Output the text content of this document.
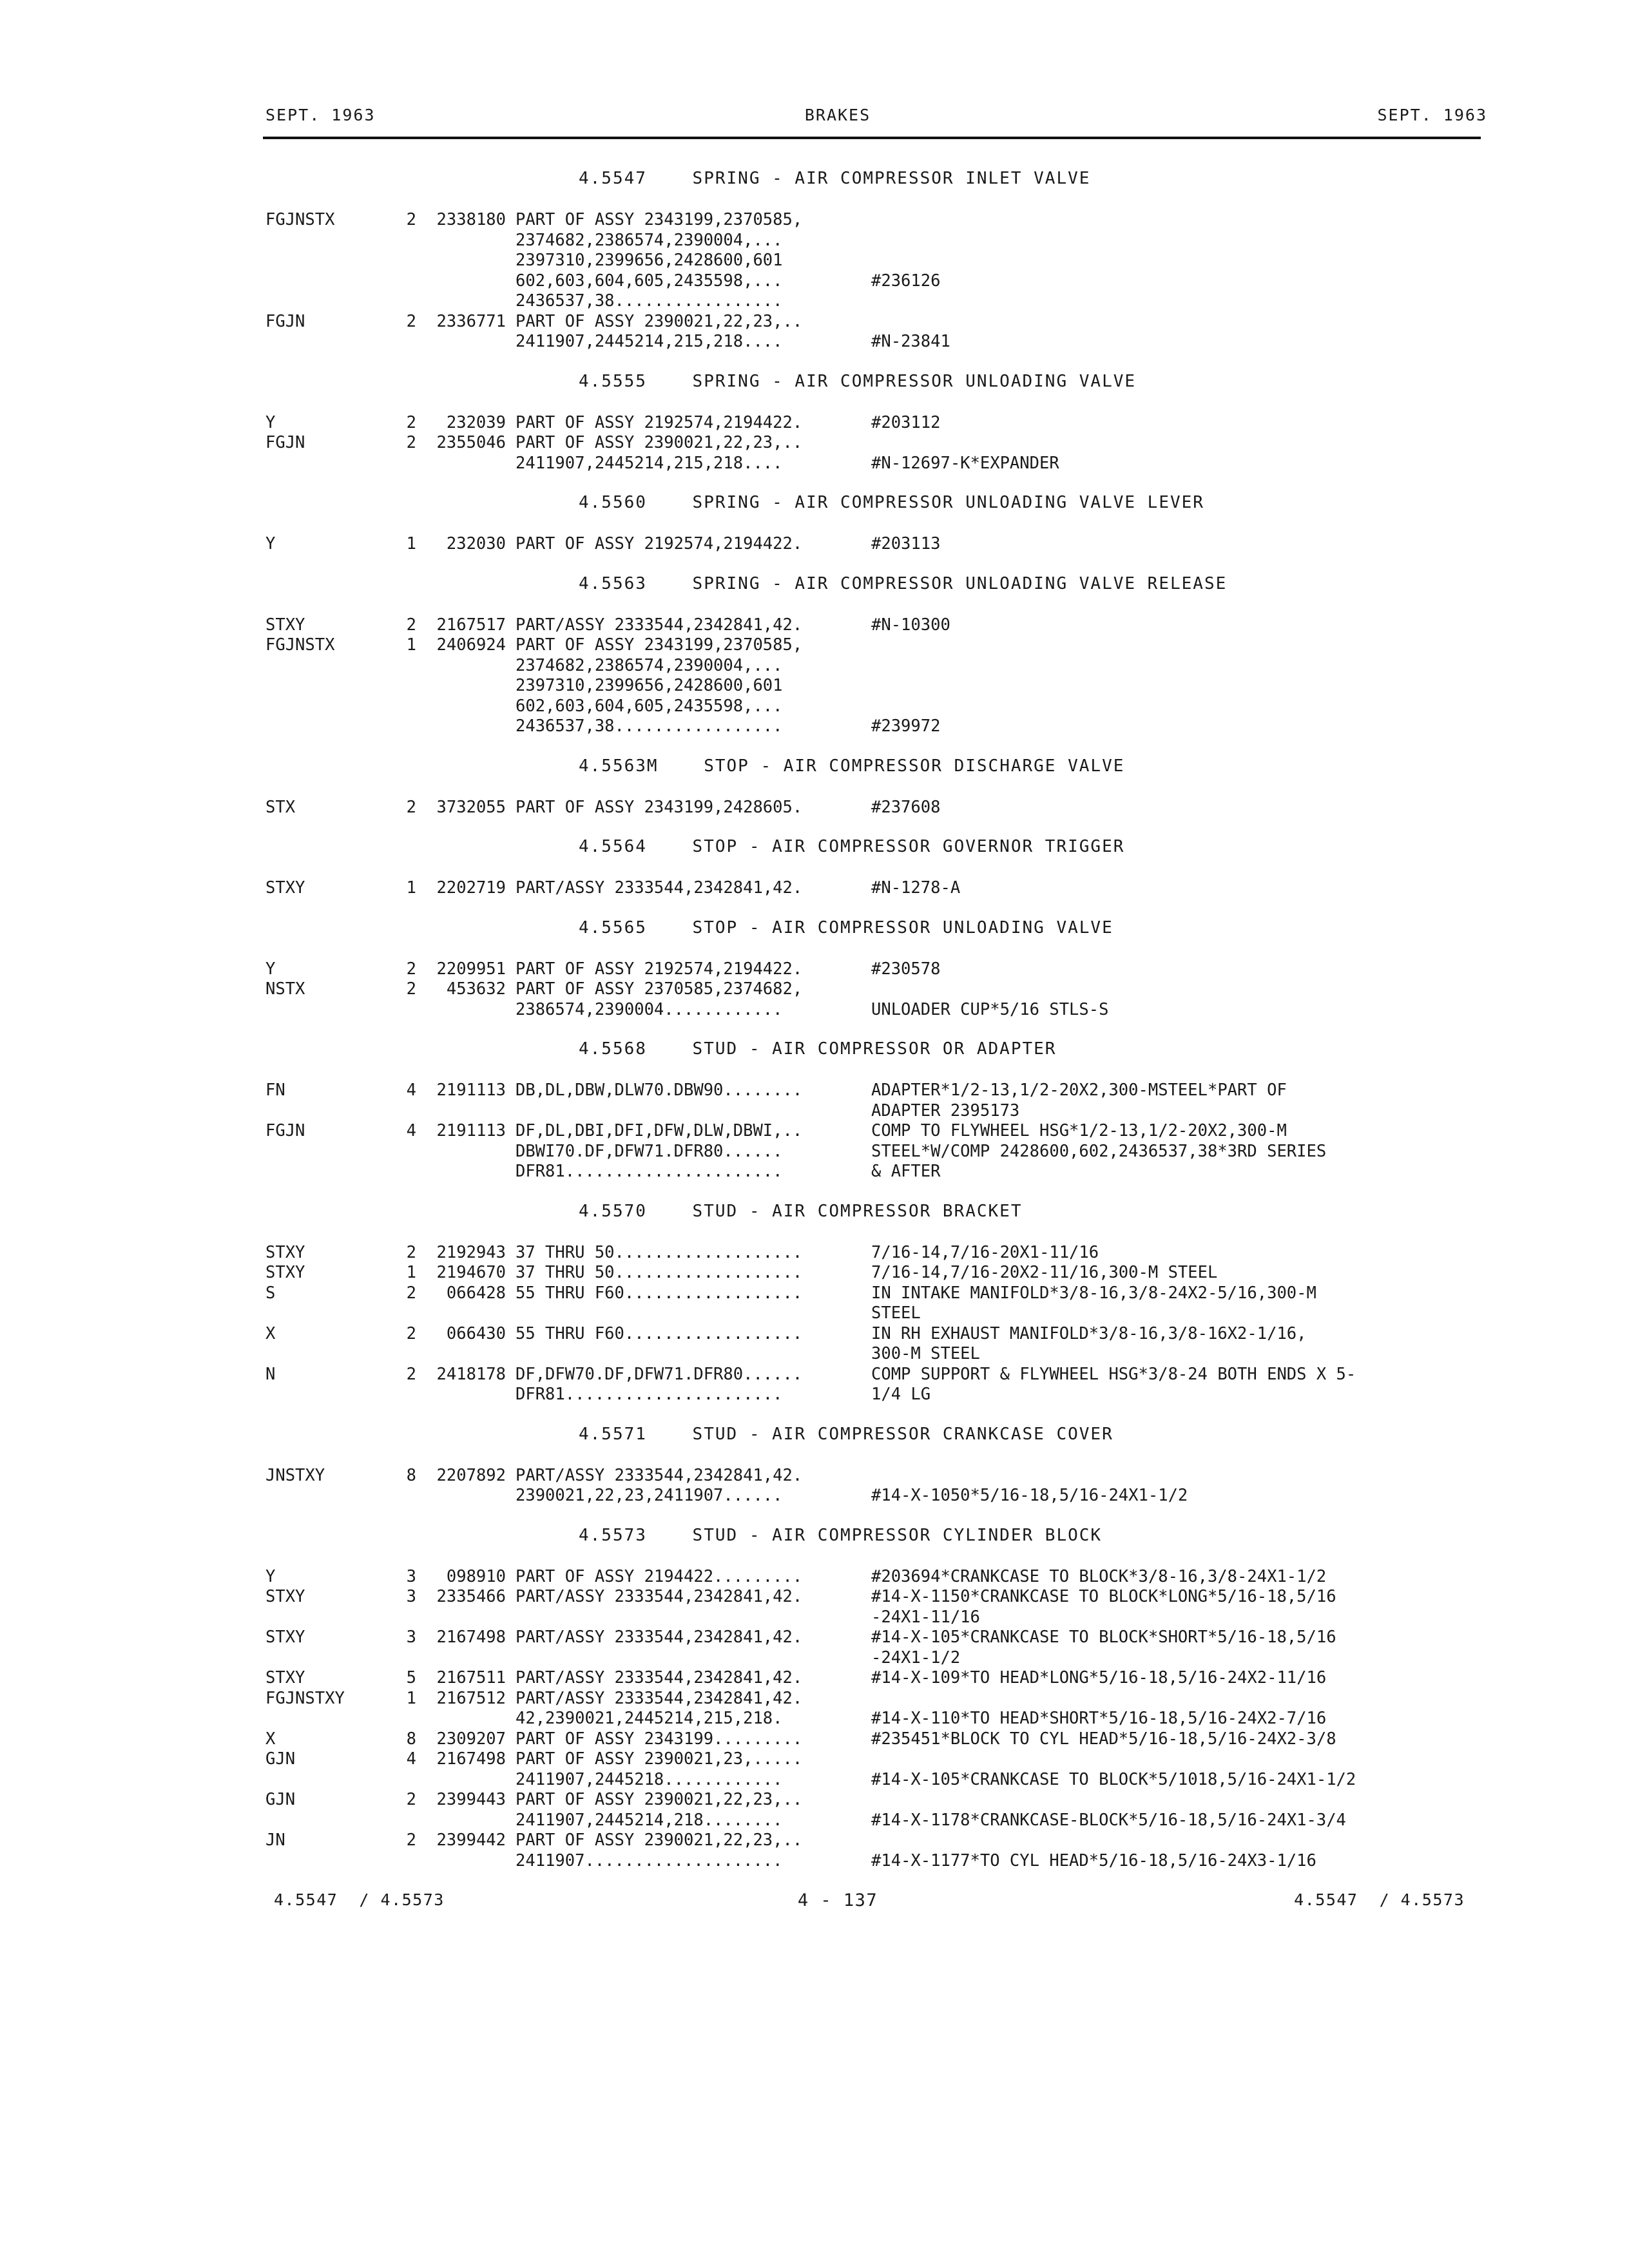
SEPT. 1963	BRAKES	SEPT. 1963
4.5547	SPRING - AIR COMPRESSOR INLET VALVE
FGJNSTX	2	2338180 PART OF ASSY 2343199,2370585,
2374682,2386574,2390004,...
2397310,2399656,2428600,601
602,603,604,605,2435598,...	#236126
2436537,38.................
FGJN	2	2336771 PART OF ASSY 2390021,22,23,..
2411907,2445214,215,218....	#N-23841
4.5555	SPRING - AIR COMPRESSOR UNLOADING VALVE
Y	2	232039 PART OF ASSY 2192574,2194422.	#203112
FGJN	2	2355046 PART OF ASSY 2390021,22,23,..
2411907,2445214,215,218....	#N-12697-K*EXPANDER
4.5560	SPRING - AIR COMPRESSOR UNLOADING VALVE LEVER
Y	1	232030 PART OF ASSY 2192574,2194422.	#203113
4.5563	SPRING - AIR COMPRESSOR UNLOADING VALVE RELEASE
STXY	2	2167517 PART/ASSY 2333544,2342841,42.	#N-10300
FGJNSTX	1	2406924 PART OF ASSY 2343199,2370585,
2374682,2386574,2390004,...
2397310,2399656,2428600,601
602,603,604,605,2435598,...
2436537,38.................	#239972
4.5563M	STOP - AIR COMPRESSOR DISCHARGE VALVE
STX	2	3732055 PART OF ASSY 2343199,2428605.	#237608
4.5564	STOP - AIR COMPRESSOR GOVERNOR TRIGGER
STXY	1	2202719 PART/ASSY 2333544,2342841,42.	#N-1278-A
4.5565	STOP - AIR COMPRESSOR UNLOADING VALVE
Y	2	2209951 PART OF ASSY 2192574,2194422.	#230578
NSTX	2	453632 PART OF ASSY 2370585,2374682,
2386574,2390004............	UNLOADER CUP*5/16 STLS-S
4.5568	STUD - AIR COMPRESSOR OR ADAPTER
FN	4	2191113 DB,DL,DBW,DLW70.DBW90........	ADAPTER*1/2-13,1/2-20X2,300-MSTEEL*PART OF
ADAPTER 2395173
FGJN	4	2191113 DF,DL,DBI,DFI,DFW,DLW,DBWI,..	COMP TO FLYWHEEL HSG*1/2-13,1/2-20X2,300-M
DBWI70.DF,DFW71.DFR80......	STEEL*W/COMP 2428600,602,2436537,38*3RD SERIES
DFR81......................	& AFTER
4.5570	STUD - AIR COMPRESSOR BRACKET
STXY	2	2192943 37 THRU 50...................	7/16-14,7/16-20X1-11/16
STXY	1	2194670 37 THRU 50...................	7/16-14,7/16-20X2-11/16,300-M STEEL
S	2	066428 55 THRU F60..................	IN INTAKE MANIFOLD*3/8-16,3/8-24X2-5/16,300-M
STEEL
X	2	066430 55 THRU F60..................	IN RH EXHAUST MANIFOLD*3/8-16,3/8-16X2-1/16,
300-M STEEL
N	2	2418178 DF,DFW70.DF,DFW71.DFR80......	COMP SUPPORT & FLYWHEEL HSG*3/8-24 BOTH ENDS X 5-
DFR81......................	1/4 LG
4.5571	STUD - AIR COMPRESSOR CRANKCASE COVER
JNSTXY	8	2207892 PART/ASSY 2333544,2342841,42.
2390021,22,23,2411907......	#14-X-1050*5/16-18,5/16-24X1-1/2
4.5573	STUD - AIR COMPRESSOR CYLINDER BLOCK
Y	3	098910 PART OF ASSY 2194422.........	#203694*CRANKCASE TO BLOCK*3/8-16,3/8-24X1-1/2
STXY	3	2335466 PART/ASSY 2333544,2342841,42.	#14-X-1150*CRANKCASE TO BLOCK*LONG*5/16-18,5/16
-24X1-11/16
STXY	3	2167498 PART/ASSY 2333544,2342841,42.	#14-X-105*CRANKCASE TO BLOCK*SHORT*5/16-18,5/16
-24X1-1/2
STXY	5	2167511 PART/ASSY 2333544,2342841,42.	#14-X-109*TO HEAD*LONG*5/16-18,5/16-24X2-11/16
FGJNSTXY	1	2167512 PART/ASSY 2333544,2342841,42.
42,2390021,2445214,215,218.	#14-X-110*TO HEAD*SHORT*5/16-18,5/16-24X2-7/16
X	8	2309207 PART OF ASSY 2343199.........	#235451*BLOCK TO CYL HEAD*5/16-18,5/16-24X2-3/8
GJN	4	2167498 PART OF ASSY 2390021,23,.....
2411907,2445218............	#14-X-105*CRANKCASE TO BLOCK*5/1018,5/16-24X1-1/2
GJN	2	2399443 PART OF ASSY 2390021,22,23,..
2411907,2445214,218........	#14-X-1178*CRANKCASE-BLOCK*5/16-18,5/16-24X1-3/4
JN	2	2399442 PART OF ASSY 2390021,22,23,..
2411907....................	#14-X-1177*TO CYL HEAD*5/16-18,5/16-24X3-1/16
4.5547  / 4.5573	4 - 137	4.5547  / 4.5573
